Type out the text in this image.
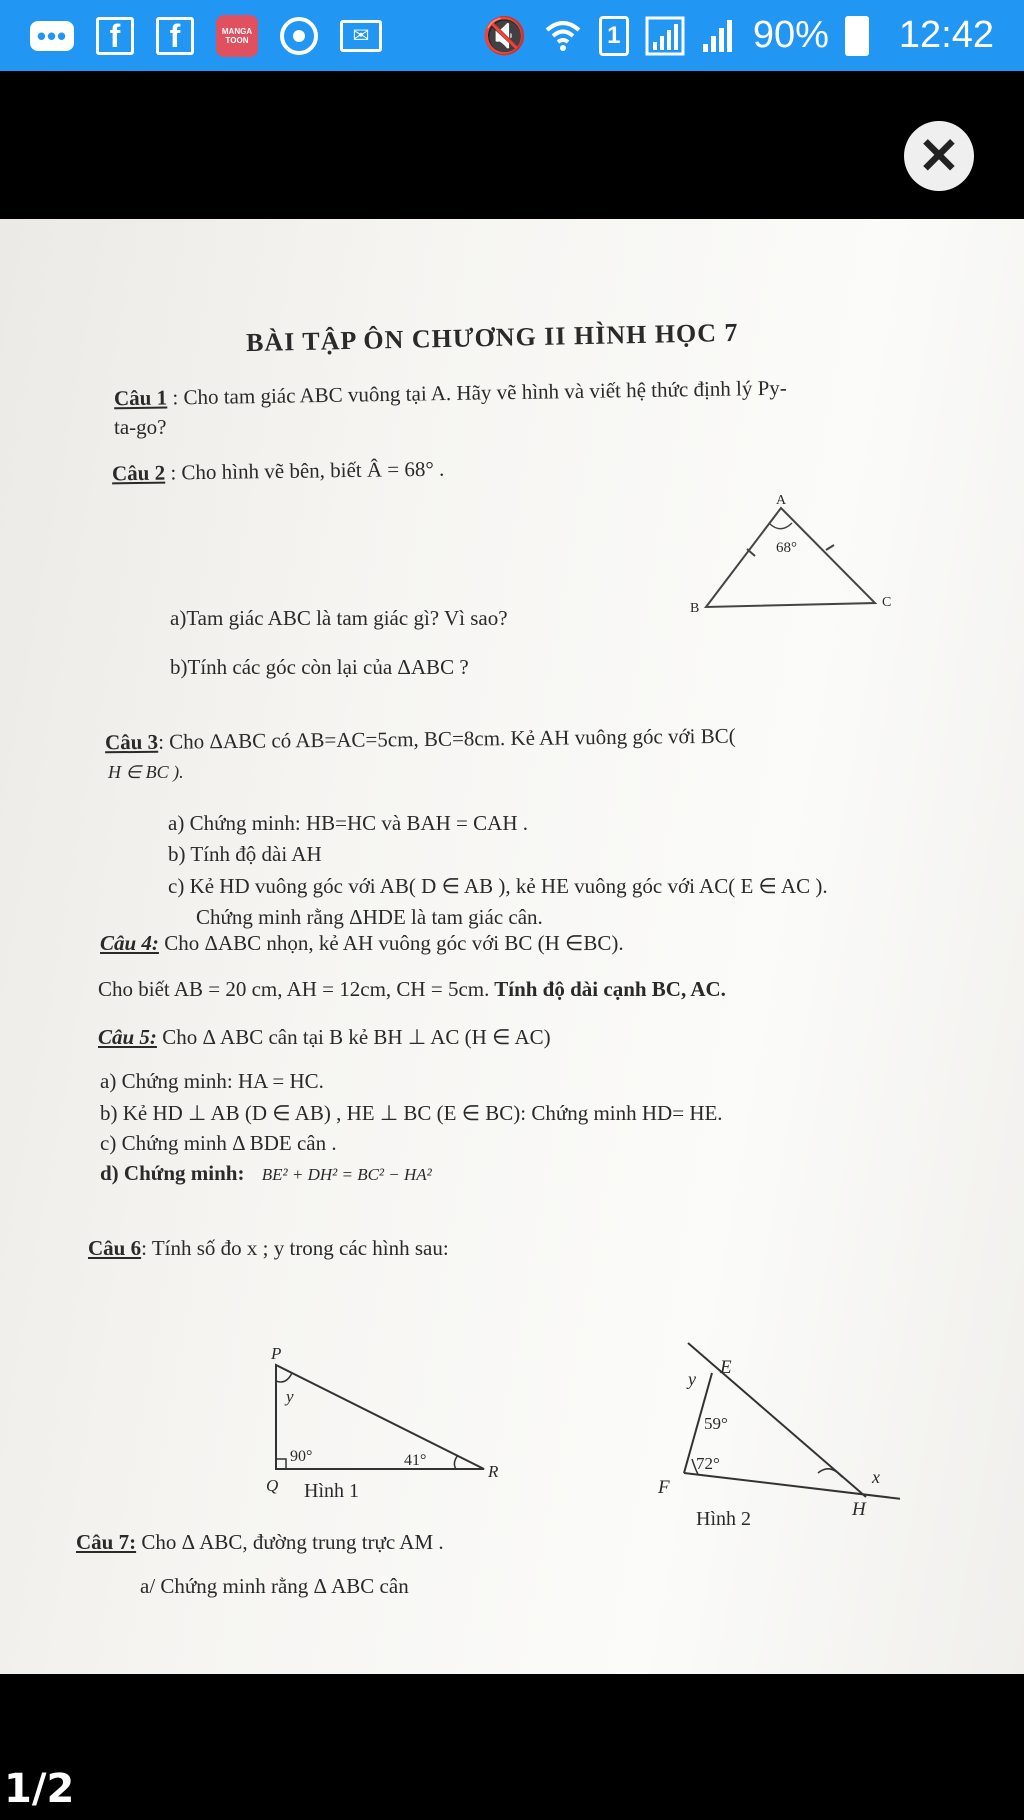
•••	f	f	MANGA
TOON	✉	🔇	1	90% 12:42
✕
BÀI TẬP ÔN CHƯƠNG II HÌNH HỌC 7
Câu 1 : Cho tam giác ABC vuông tại A. Hãy vẽ hình và viết hệ thức định lý Py-
ta-go?
Câu 2 : Cho hình vẽ bên, biết Â = 68° .
a)Tam giác ABC là tam giác gì? Vì sao?
b)Tính các góc còn lại của ΔABC ?
A
B	C
68°
Câu 3: Cho ΔABC có AB=AC=5cm, BC=8cm. Kẻ AH vuông góc với BC(
H ∈ BC ).
a) Chứng minh: HB=HC và BAH = CAH .
b) Tính độ dài AH
c) Kẻ HD vuông góc với AB( D ∈ AB ), kẻ HE vuông góc với AC( E ∈ AC ).
Chứng minh rằng ΔHDE là tam giác cân.
Câu 4: Cho ΔABC nhọn, kẻ AH vuông góc với BC (H ∈BC).
Cho biết AB = 20 cm, AH = 12cm, CH = 5cm. Tính độ dài cạnh BC, AC.
Câu 5: Cho Δ ABC cân tại B kẻ BH ⊥ AC (H ∈ AC)
a) Chứng minh: HA = HC.
b) Kẻ HD ⊥ AB (D ∈ AB) , HE ⊥ BC (E ∈ BC): Chứng minh HD= HE.
c) Chứng minh Δ BDE cân .
d) Chứng minh: BE² + DH² = BC² − HA²
Câu 6: Tính số đo x ; y trong các hình sau:
P
Q
R
y
90°	41°
Hình 1
E
F
H
y
x
59°
72°
Hình 2
Câu 7: Cho Δ ABC, đường trung trực AM .
a/ Chứng minh rằng Δ ABC cân
1/2
